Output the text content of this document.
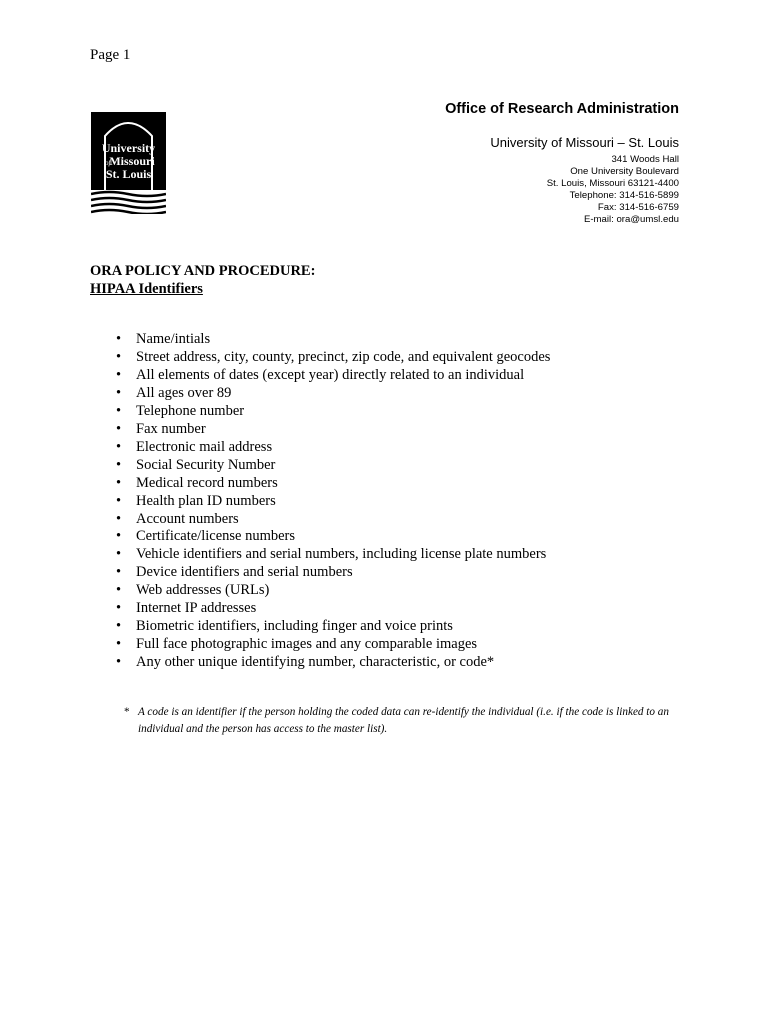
Page 1
University
of
Missouri
St. Louis
Office of Research Administration
University of Missouri – St. Louis
341 Woods Hall
One University Boulevard
St. Louis, Missouri 63121-4400
Telephone: 314-516-5899
Fax: 314-516-6759
E-mail: ora@umsl.edu
ORA POLICY AND PROCEDURE:
HIPAA Identifiers
• Name/intials
• Street address, city, county, precinct, zip code, and equivalent geocodes
• All elements of dates (except year) directly related to an individual
• All ages over 89
• Telephone number
• Fax number
• Electronic mail address
• Social Security Number
• Medical record numbers
• Health plan ID numbers
• Account numbers
• Certificate/license numbers
• Vehicle identifiers and serial numbers, including license plate numbers
• Device identifiers and serial numbers
• Web addresses (URLs)
• Internet IP addresses
• Biometric identifiers, including finger and voice prints
• Full face photographic images and any comparable images
• Any other unique identifying number, characteristic, or code*
* A code is an identifier if the person holding the coded data can re-identify the individual (i.e. if the code is linked to an individual and the person has access to the master list).
